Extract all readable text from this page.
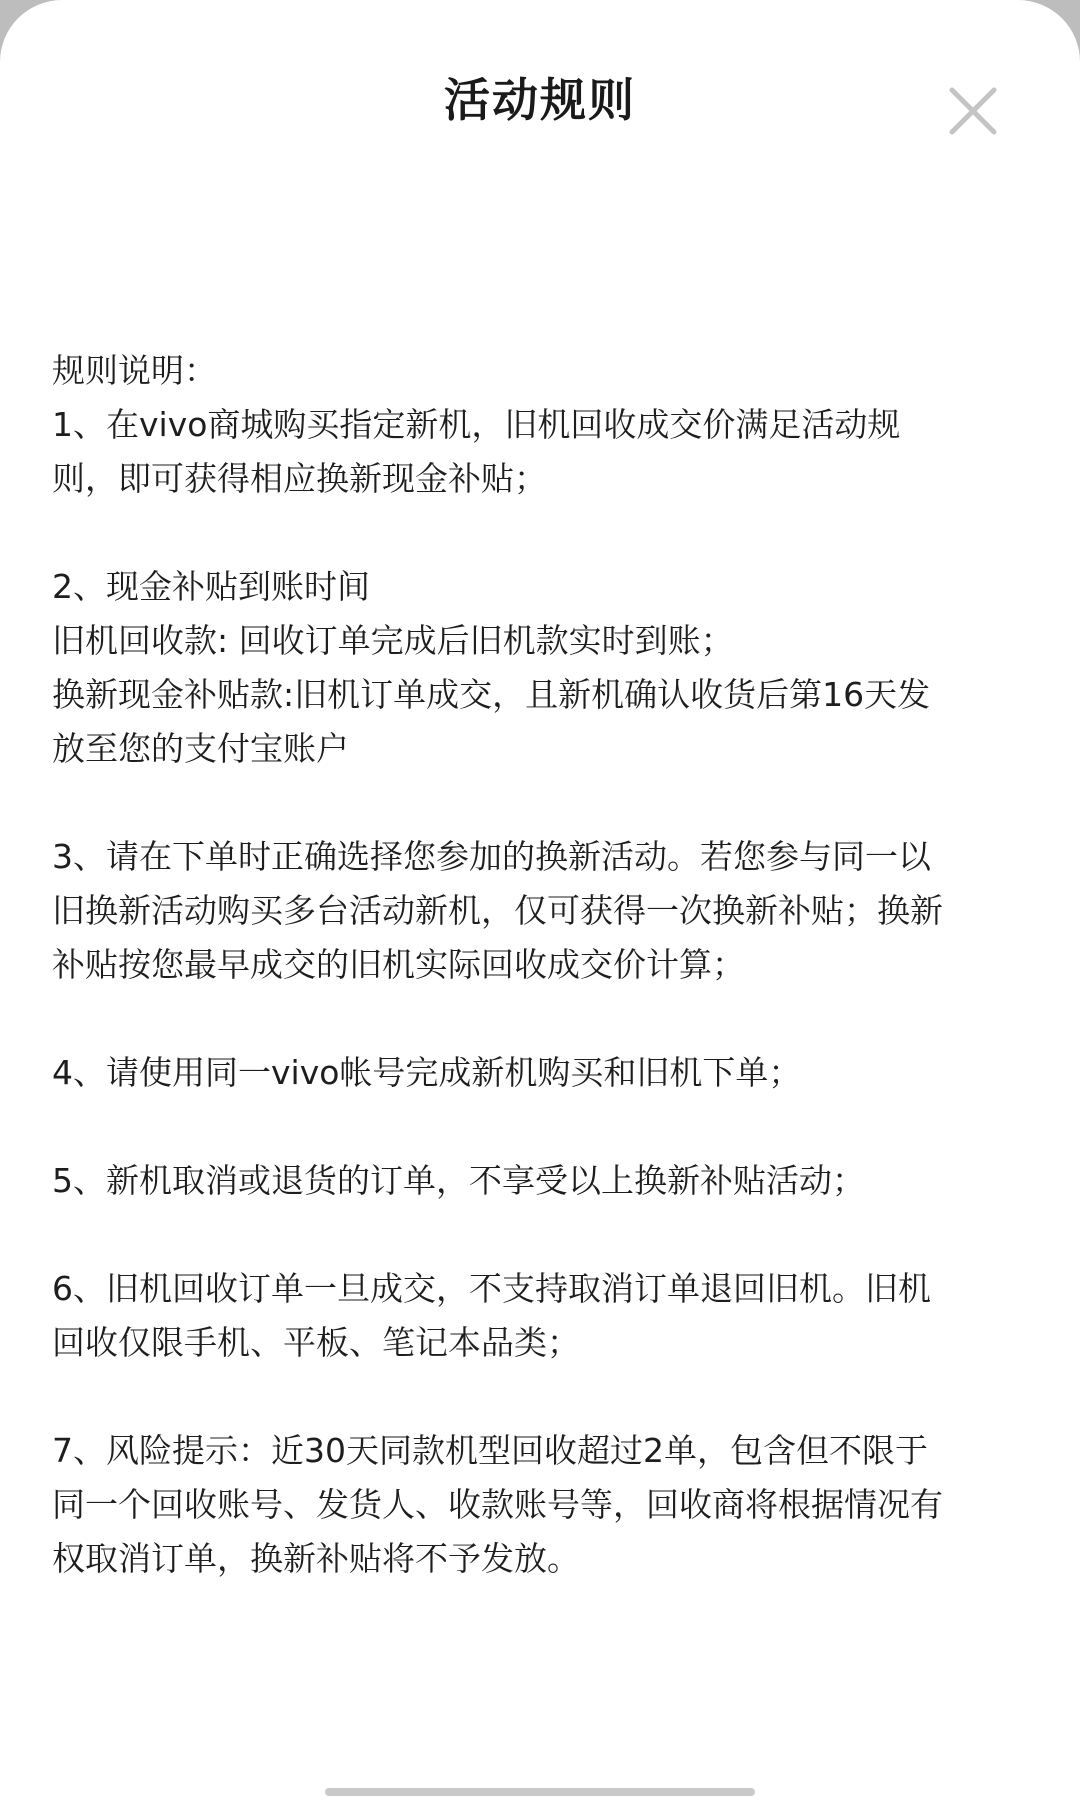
活动规则
规则说明：
1、在vivo商城购买指定新机，旧机回收成交价满足活动规
则，即可获得相应换新现金补贴；
2、现金补贴到账时间
旧机回收款: 回收订单完成后旧机款实时到账；
换新现金补贴款:旧机订单成交，且新机确认收货后第16天发
放至您的支付宝账户
3、请在下单时正确选择您参加的换新活动。若您参与同一以
旧换新活动购买多台活动新机，仅可获得一次换新补贴；换新
补贴按您最早成交的旧机实际回收成交价计算；
4、请使用同一vivo帐号完成新机购买和旧机下单；
5、新机取消或退货的订单，不享受以上换新补贴活动；
6、旧机回收订单一旦成交，不支持取消订单退回旧机。旧机
回收仅限手机、平板、笔记本品类；
7、风险提示：近30天同款机型回收超过2单，包含但不限于
同一个回收账号、发货人、收款账号等，回收商将根据情况有
权取消订单，换新补贴将不予发放。
